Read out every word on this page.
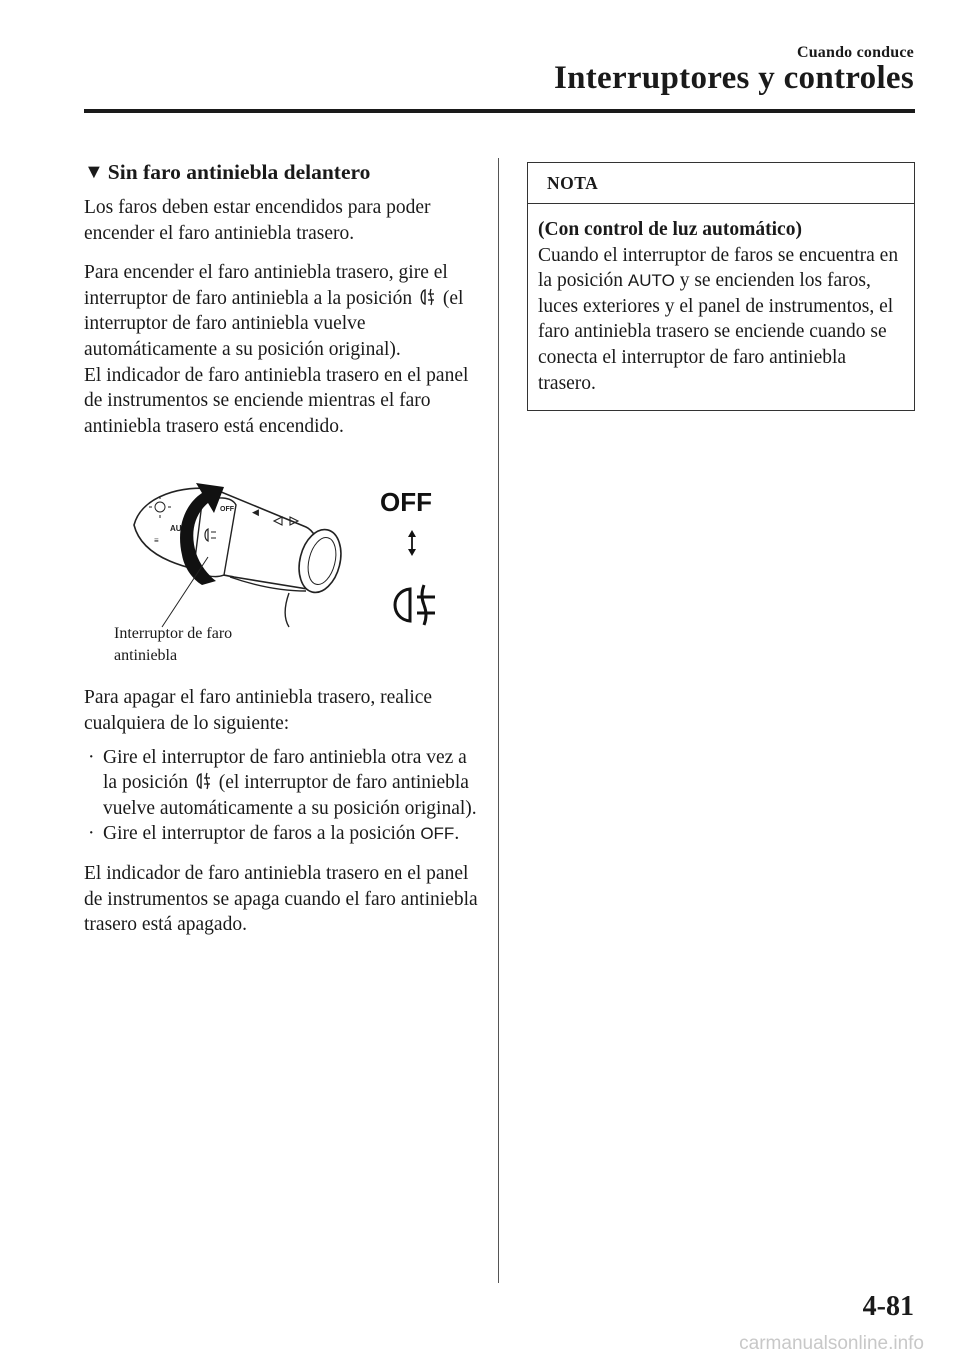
Cuando conduce
Interruptores y controles
▼ Sin faro antiniebla delantero

Los faros deben estar encendidos para poder encender el faro antiniebla trasero.

Para encender el faro antiniebla trasero, gire el interruptor de faro antiniebla a la posición (el interruptor de faro antiniebla vuelve automáticamente a su posición original).

El indicador de faro antiniebla trasero en el panel de instrumentos se enciende mientras el faro antiniebla trasero está encendido.

AU
≡
OFF ◀	OFF
Interruptor de faro
antiniebla

Para apagar el faro antiniebla trasero, realice cualquiera de lo siguiente:

· Gire el interruptor de faro antiniebla otra vez a la posición (el interruptor de faro antiniebla vuelve automáticamente a su posición original).
· Gire el interruptor de faros a la posición OFF.

El indicador de faro antiniebla trasero en el panel de instrumentos se apaga cuando el faro antiniebla trasero está apagado.

NOTA

(Con control de luz automático)

Cuando el interruptor de faros se encuentra en la posición AUTO y se encienden los faros, luces exteriores y el panel de instrumentos, el faro antiniebla trasero se enciende cuando se conecta el interruptor de faro antiniebla trasero.

4-81
carmanualsonline.info
